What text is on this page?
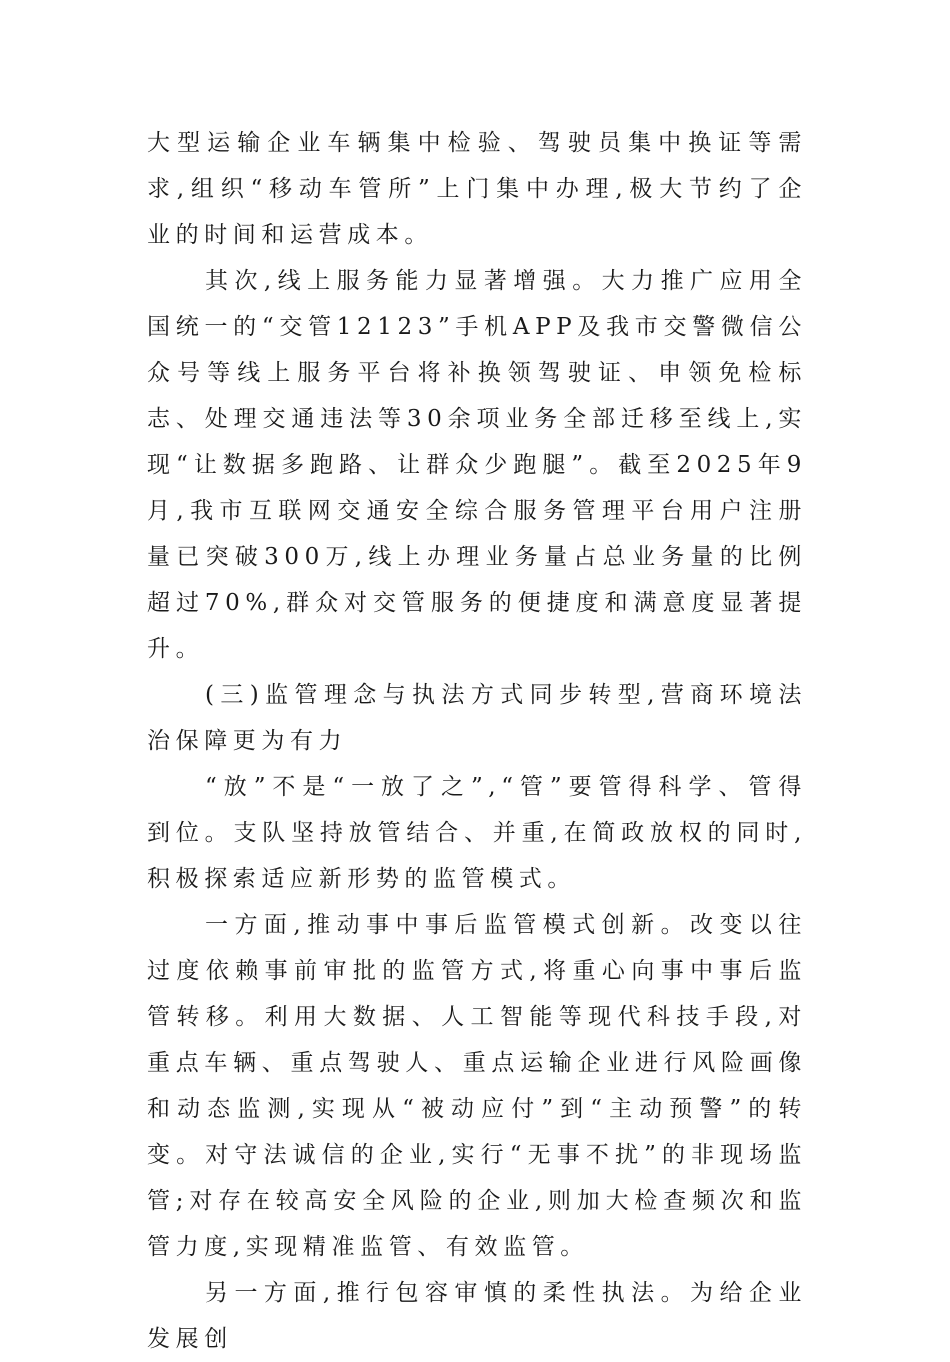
大型运输企业车辆集中检验、驾驶员集中换证等需求,组织“移动车管所”上门集中办理,极大节约了企业的时间和运营成本。

其次,线上服务能力显著增强。大力推广应用全国统一的“交管12123”手机APP及我市交警微信公众号等线上服务平台将补换领驾驶证、申领免检标志、处理交通违法等30余项业务全部迁移至线上,实现“让数据多跑路、让群众少跑腿”。截至2025年9月,我市互联网交通安全综合服务管理平台用户注册量已突破300万,线上办理业务量占总业务量的比例超过70%,群众对交管服务的便捷度和满意度显著提升。

(三)监管理念与执法方式同步转型,营商环境法治保障更为有力

“放”不是“一放了之”,“管”要管得科学、管得到位。支队坚持放管结合、并重,在简政放权的同时,积极探索适应新形势的监管模式。

一方面,推动事中事后监管模式创新。改变以往过度依赖事前审批的监管方式,将重心向事中事后监管转移。利用大数据、人工智能等现代科技手段,对重点车辆、重点驾驶人、重点运输企业进行风险画像和动态监测,实现从“被动应付”到“主动预警”的转变。对守法诚信的企业,实行“无事不扰”的非现场监管;对存在较高安全风险的企业,则加大检查频次和监管力度,实现精准监管、有效监管。

另一方面,推行包容审慎的柔性执法。为给企业发展创
